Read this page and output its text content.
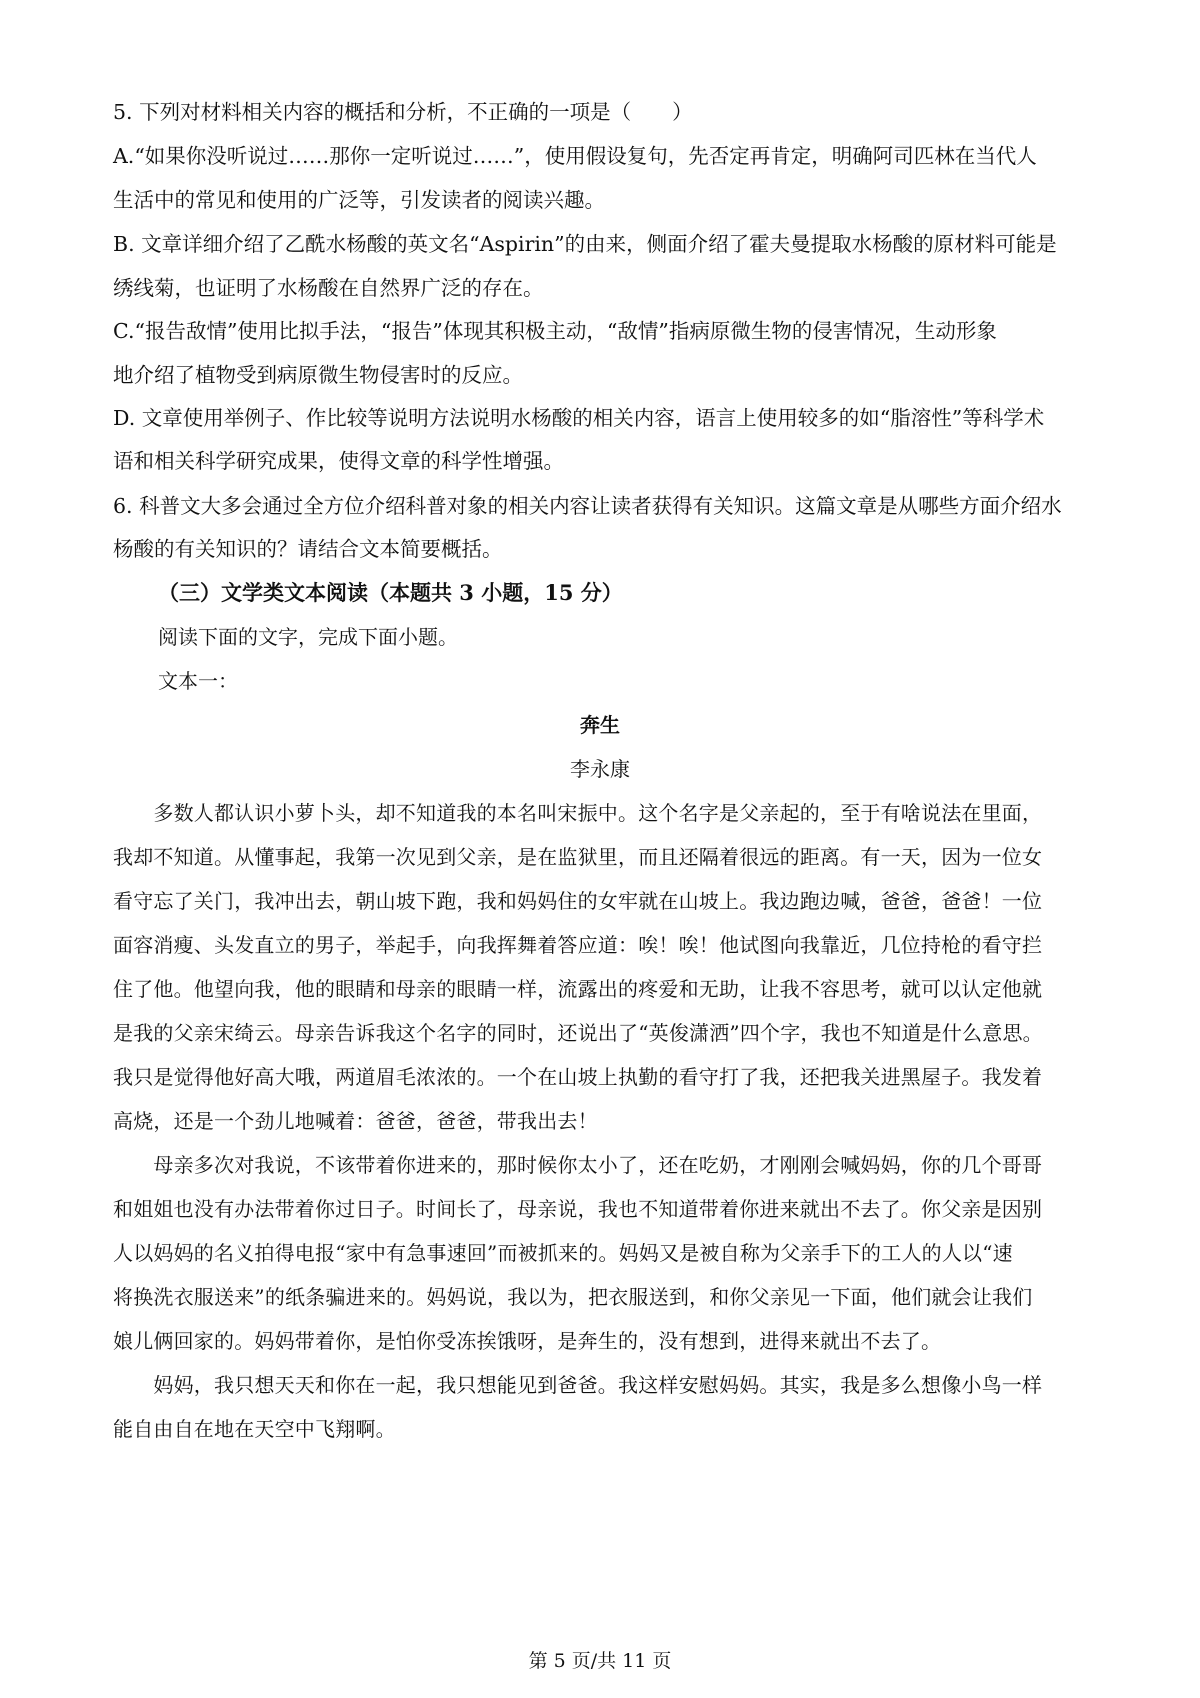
5. 下列对材料相关内容的概括和分析，不正确的一项是（　　）
A.“如果你没听说过……那你一定听说过……”，使用假设复句，先否定再肯定，明确阿司匹林在当代人
生活中的常见和使用的广泛等，引发读者的阅读兴趣。
B. 文章详细介绍了乙酰水杨酸的英文名“Aspirin”的由来，侧面介绍了霍夫曼提取水杨酸的原材料可能是
绣线菊，也证明了水杨酸在自然界广泛的存在。
C.“报告敌情”使用比拟手法，“报告”体现其积极主动，“敌情”指病原微生物的侵害情况，生动形象
地介绍了植物受到病原微生物侵害时的反应。
D. 文章使用举例子、作比较等说明方法说明水杨酸的相关内容，语言上使用较多的如“脂溶性”等科学术
语和相关科学研究成果，使得文章的科学性增强。
6. 科普文大多会通过全方位介绍科普对象的相关内容让读者获得有关知识。这篇文章是从哪些方面介绍水
杨酸的有关知识的？请结合文本简要概括。
（三）文学类文本阅读（本题共 3 小题，15 分）
阅读下面的文字，完成下面小题。
文本一：
奔生
李永康
　　多数人都认识小萝卜头，却不知道我的本名叫宋振中。这个名字是父亲起的，至于有啥说法在里面，
我却不知道。从懂事起，我第一次见到父亲，是在监狱里，而且还隔着很远的距离。有一天，因为一位女
看守忘了关门，我冲出去，朝山坡下跑，我和妈妈住的女牢就在山坡上。我边跑边喊，爸爸，爸爸！一位
面容消瘦、头发直立的男子，举起手，向我挥舞着答应道：唉！唉！他试图向我靠近，几位持枪的看守拦
住了他。他望向我，他的眼睛和母亲的眼睛一样，流露出的疼爱和无助，让我不容思考，就可以认定他就
是我的父亲宋绮云。母亲告诉我这个名字的同时，还说出了“英俊潇洒”四个字，我也不知道是什么意思。
我只是觉得他好高大哦，两道眉毛浓浓的。一个在山坡上执勤的看守打了我，还把我关进黑屋子。我发着
高烧，还是一个劲儿地喊着：爸爸，爸爸，带我出去！
　　母亲多次对我说，不该带着你进来的，那时候你太小了，还在吃奶，才刚刚会喊妈妈，你的几个哥哥
和姐姐也没有办法带着你过日子。时间长了，母亲说，我也不知道带着你进来就出不去了。你父亲是因别
人以妈妈的名义拍得电报“家中有急事速回”而被抓来的。妈妈又是被自称为父亲手下的工人的人以“速
将换洗衣服送来”的纸条骗进来的。妈妈说，我以为，把衣服送到，和你父亲见一下面，他们就会让我们
娘儿俩回家的。妈妈带着你，是怕你受冻挨饿呀，是奔生的，没有想到，进得来就出不去了。
　　妈妈，我只想天天和你在一起，我只想能见到爸爸。我这样安慰妈妈。其实，我是多么想像小鸟一样
能自由自在地在天空中飞翔啊。
第 5 页/共 11 页
